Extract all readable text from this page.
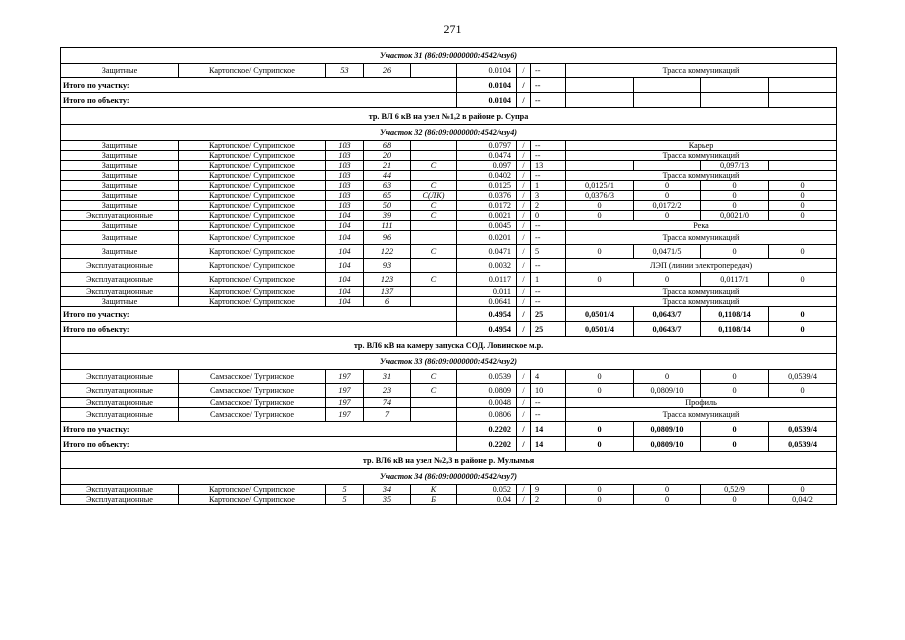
271
Участок 31 (86:09:0000000:4542/чзу6)											
Защитные	Картопское/ Суприпское	53	26		0.0104	/	--	Трасса коммуникаций			
Итого по участку:					0.0104	/	--				
Итого по объекту:					0.0104	/	--				
тр. ВЛ 6 кВ на узел №1,2 в районе р. Супра											
Участок 32 (86:09:0000000:4542/чзу4)											
Защитные	Картопское/ Суприпское	103	68		0.0797	/	--	Карьер			
Защитные	Картопское/ Суприпское	103	20		0.0474	/	--	Трасса коммуникаций			
Защитные	Картопское/ Суприпское	103	21	С	0.097	/	13			0,097/13	
Защитные	Картопское/ Суприпское	103	44		0.0402	/	--	Трасса коммуникаций			
Защитные	Картопское/ Суприпское	103	63	С	0.0125	/	1	0,0125/1	0	0	0
Защитные	Картопское/ Суприпское	103	65	С(ЛК)	0.0376	/	3	0,0376/3	0	0	0
Защитные	Картопское/ Суприпское	103	50	С	0.0172	/	2	0	0,0172/2	0	0
Эксплуатационные	Картопское/ Суприпское	104	39	С	0.0021	/	0	0	0	0,0021/0	0
Защитные	Картопское/ Суприпское	104	111		0.0045	/	--	Река			
Защитные	Картопское/ Суприпское	104	96		0.0201	/	--	Трасса коммуникаций			
Защитные	Картопское/ Суприпское	104	122	С	0.0471	/	5	0	0,0471/5	0	0
Эксплуатационные	Картопское/ Суприпское	104	93		0.0032	/	--	ЛЭП (линии электропередач)			
Эксплуатационные	Картопское/ Суприпское	104	123	С	0.0117	/	1	0	0	0,0117/1	0
Эксплуатационные	Картопское/ Суприпское	104	137		0.011	/	--	Трасса коммуникаций			
Защитные	Картопское/ Суприпское	104	6		0.0641	/	--	Трасса коммуникаций			
Итого по участку:					0.4954	/	25	0,0501/4	0,0643/7	0,1108/14	0
Итого по объекту:					0.4954	/	25	0,0501/4	0,0643/7	0,1108/14	0
тр. ВЛ6 кВ на камеру запуска СОД. Ловинское м.р.											
Участок 33 (86:09:0000000:4542/чзу2)											
Эксплуатационные	Самзасское/ Тугринское	197	31	С	0.0539	/	4	0	0	0	0,0539/4
Эксплуатационные	Самзасское/ Тугринское	197	23	С	0.0809	/	10	0	0,0809/10	0	0
Эксплуатационные	Самзасское/ Тугринское	197	74		0.0048	/	--	Профиль			
Эксплуатационные	Самзасское/ Тугринское	197	7		0.0806	/	--	Трасса коммуникаций			
Итого по участку:					0.2202	/	14	0	0,0809/10	0	0,0539/4
Итого по объекту:					0.2202	/	14	0	0,0809/10	0	0,0539/4
тр. ВЛ6 кВ на узел №2,3 в районе р. Мулымья											
Участок 34 (86:09:0000000:4542/чзу7)											
Эксплуатационные	Картопское/ Суприпское	5	34	К	0.052	/	9	0	0	0,52/9	0
Эксплуатационные	Картопское/ Суприпское	5	35	Б	0.04	/	2	0	0	0	0,04/2
